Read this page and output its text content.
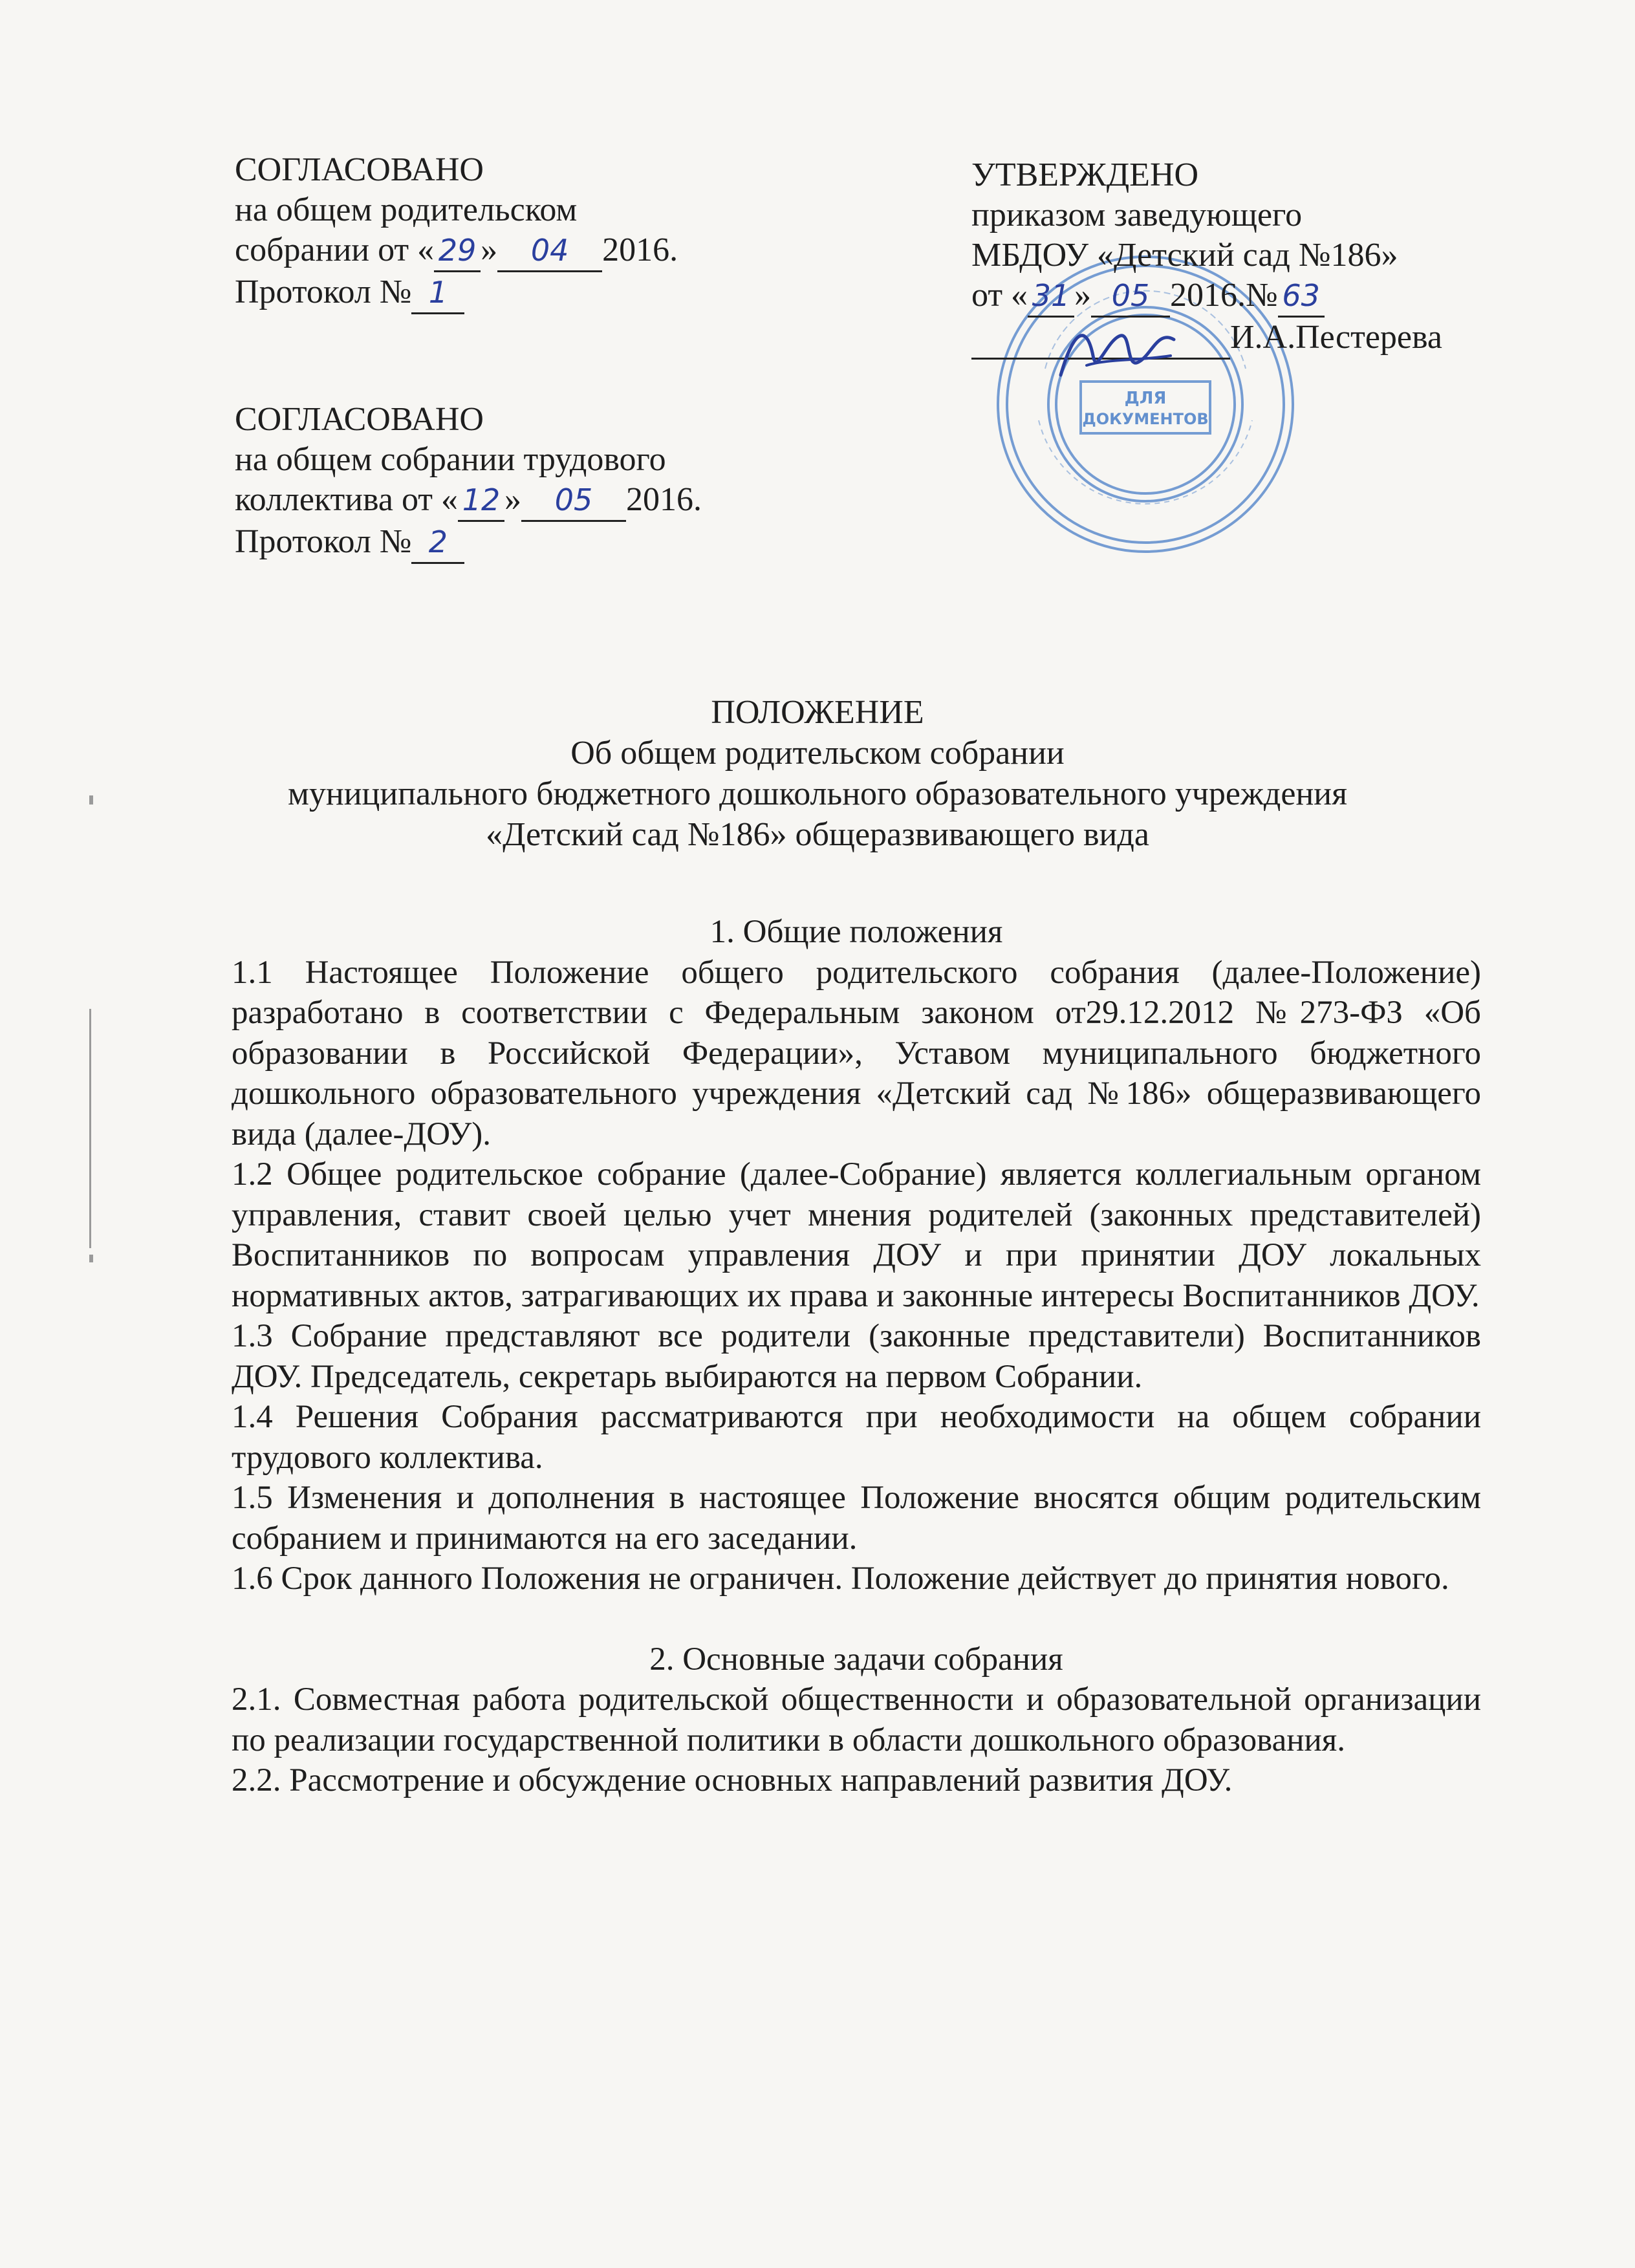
СОГЛАСОВАНО
на общем родительском
собрании от « 29 » 04 2016.
Протокол № 1
СОГЛАСОВАНО
на общем собрании трудового
коллектива от « 12 » 05 2016.
Протокол № 2
ДЛЯ
ДОКУМЕНТОВ
УТВЕРЖДЕНО
приказом заведующего
МБДОУ «Детский сад №186»
от « 31 » 05 2016.№ 63
И.А.Пестерева
ПОЛОЖЕНИЕ
Об общем родительском собрании
муниципального бюджетного дошкольного образовательного учреждения
«Детский сад №186» общеразвивающего вида

1. Общие положения

1.1 Настоящее Положение общего родительского собрания (далее-Положение) разработано в соответствии с Федеральным законом от29.12.2012 №273-ФЗ «Об образовании в Российской Федерации», Уставом муниципального бюджетного дошкольного образовательного учреждения «Детский сад №186» общеразвивающего вида (далее-ДОУ).

1.2 Общее родительское собрание (далее-Собрание) является коллегиальным органом управления, ставит своей целью учет мнения родителей (законных представителей) Воспитанников по вопросам управления ДОУ и при принятии ДОУ локальных нормативных актов, затрагивающих их права и законные интересы Воспитанников ДОУ.

1.3 Собрание представляют все родители (законные представители) Воспитанников ДОУ. Председатель, секретарь выбираются на первом Собрании.

1.4 Решения Собрания рассматриваются при необходимости на общем собрании трудового коллектива.

1.5 Изменения и дополнения в настоящее Положение вносятся общим родительским собранием и принимаются на его заседании.

1.6 Срок данного Положения не ограничен. Положение действует до принятия нового.

2. Основные задачи собрания

2.1. Совместная работа родительской общественности и образовательной организации по реализации государственной политики в области дошкольного образования.

2.2. Рассмотрение и обсуждение основных направлений развития ДОУ.
